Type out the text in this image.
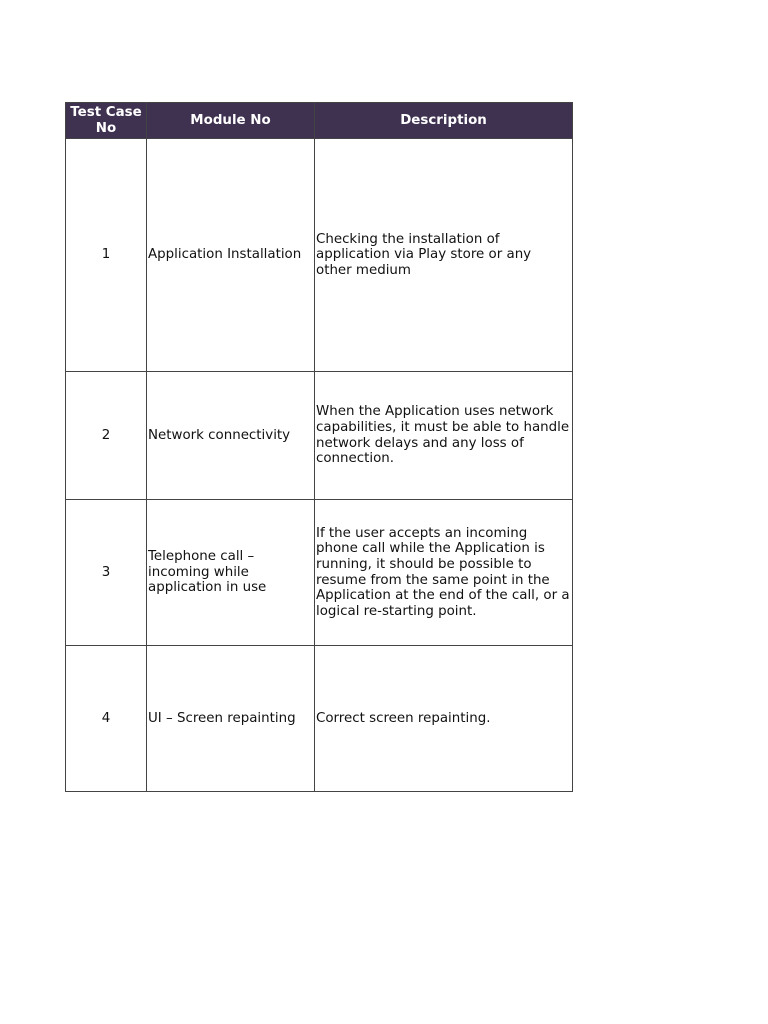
Test Case No	Module No	Description
1	Application Installation	Checking the installation of application via Play store or any other medium
2	Network connectivity	When the Application uses network capabilities, it must be able to handle network delays and any loss of connection.
3	Telephone call – incoming while application in use	If the user accepts an incoming phone call while the Application is running, it should be possible to resume from the same point in the Application at the end of the call, or a logical re-starting point.
4	UI – Screen repainting	Correct screen repainting.
